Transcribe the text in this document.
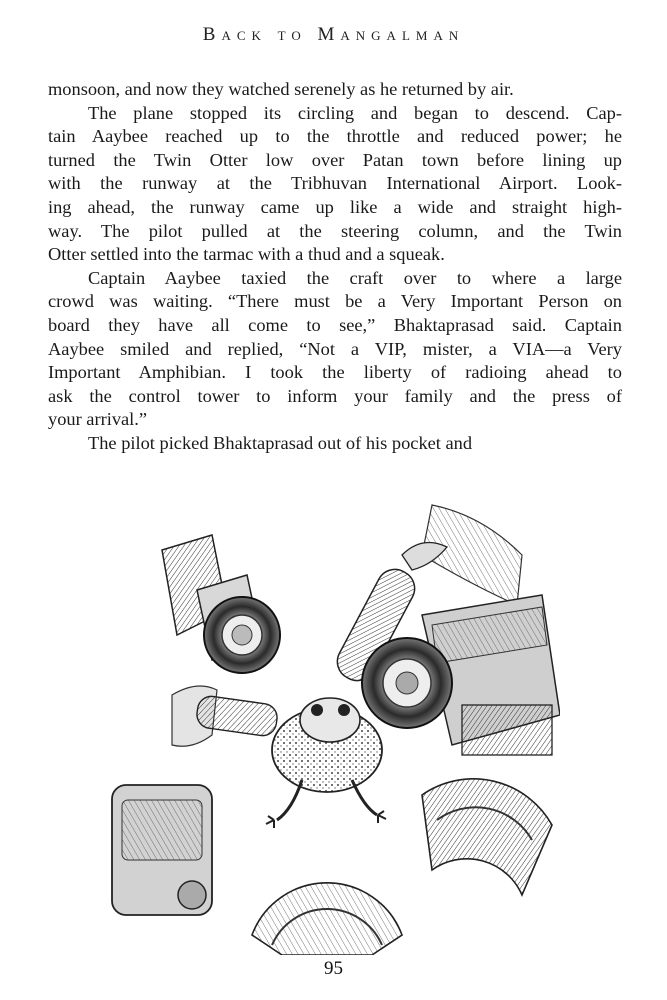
Back to Mangalman
monsoon, and now they watched serenely as he returned by air.
The plane stopped its circling and began to descend. Cap-
tain Aaybee reached up to the throttle and reduced power; he
turned the Twin Otter low over Patan town before lining up
with the runway at the Tribhuvan International Airport. Look-
ing ahead, the runway came up like a wide and straight high-
way. The pilot pulled at the steering column, and the Twin
Otter settled into the tarmac with a thud and a squeak.
Captain Aaybee taxied the craft over to where a large
crowd was waiting. “There must be a Very Important Person on
board they have all come to see,” Bhaktaprasad said. Captain
Aaybee smiled and replied, “Not a VIP, mister, a VIA—a Very
Important Amphibian. I took the liberty of radioing ahead to
ask the control tower to inform your family and the press of
your arrival.”
The pilot picked Bhaktaprasad out of his pocket and
95
